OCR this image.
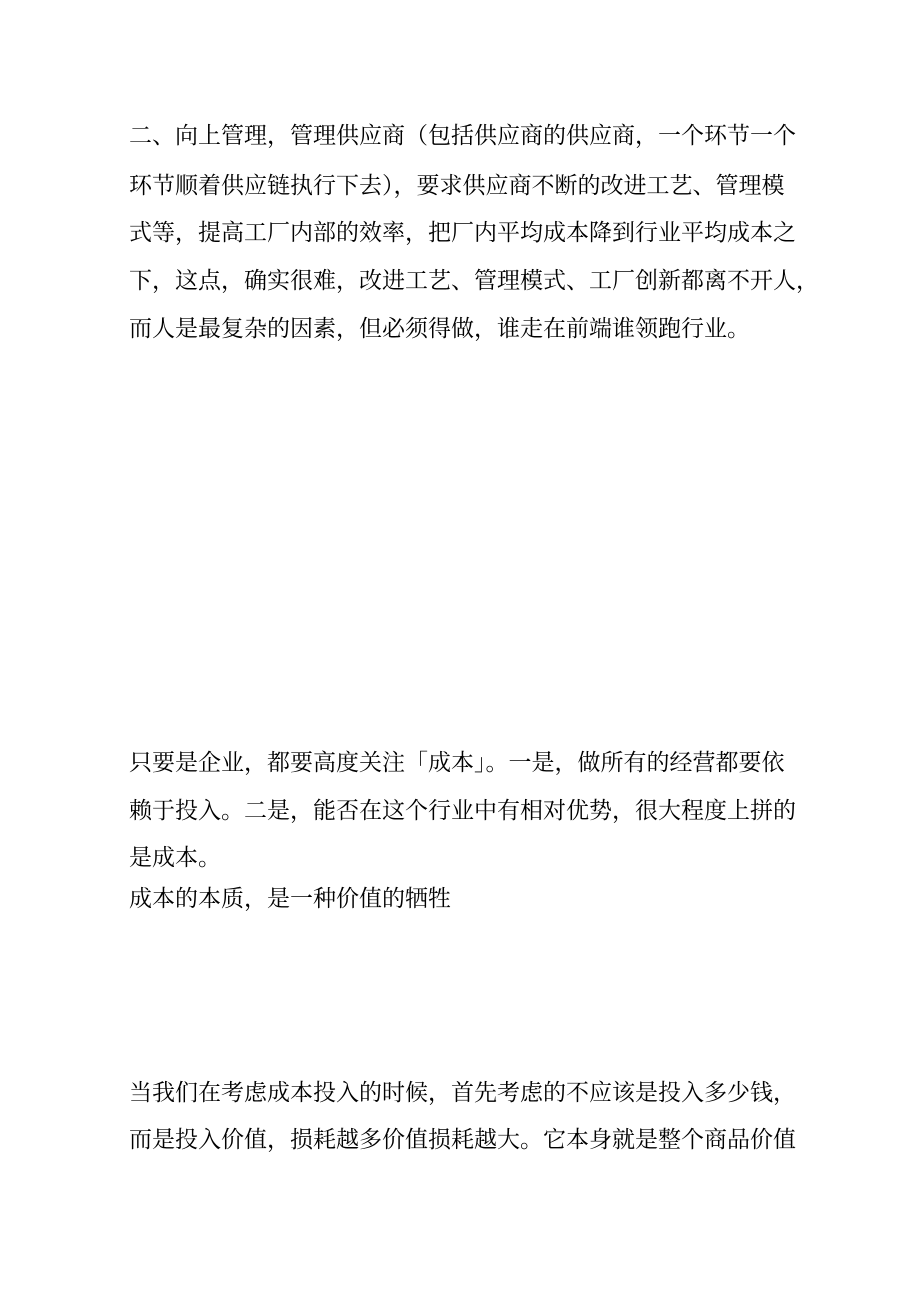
二、向上管理，管理供应商（包括供应商的供应商，一个环节一个
环节顺着供应链执行下去），要求供应商不断的改进工艺、管理模
式等，提高工厂内部的效率，把厂内平均成本降到行业平均成本之
下，这点，确实很难，改进工艺、管理模式、工厂创新都离不开人，
而人是最复杂的因素，但必须得做，谁走在前端谁领跑行业。
只要是企业，都要高度关注「成本」。一是，做所有的经营都要依
赖于投入。二是，能否在这个行业中有相对优势，很大程度上拼的
是成本。
成本的本质，是一种价值的牺牲
当我们在考虑成本投入的时候，首先考虑的不应该是投入多少钱，
而是投入价值，损耗越多价值损耗越大。它本身就是整个商品价值
